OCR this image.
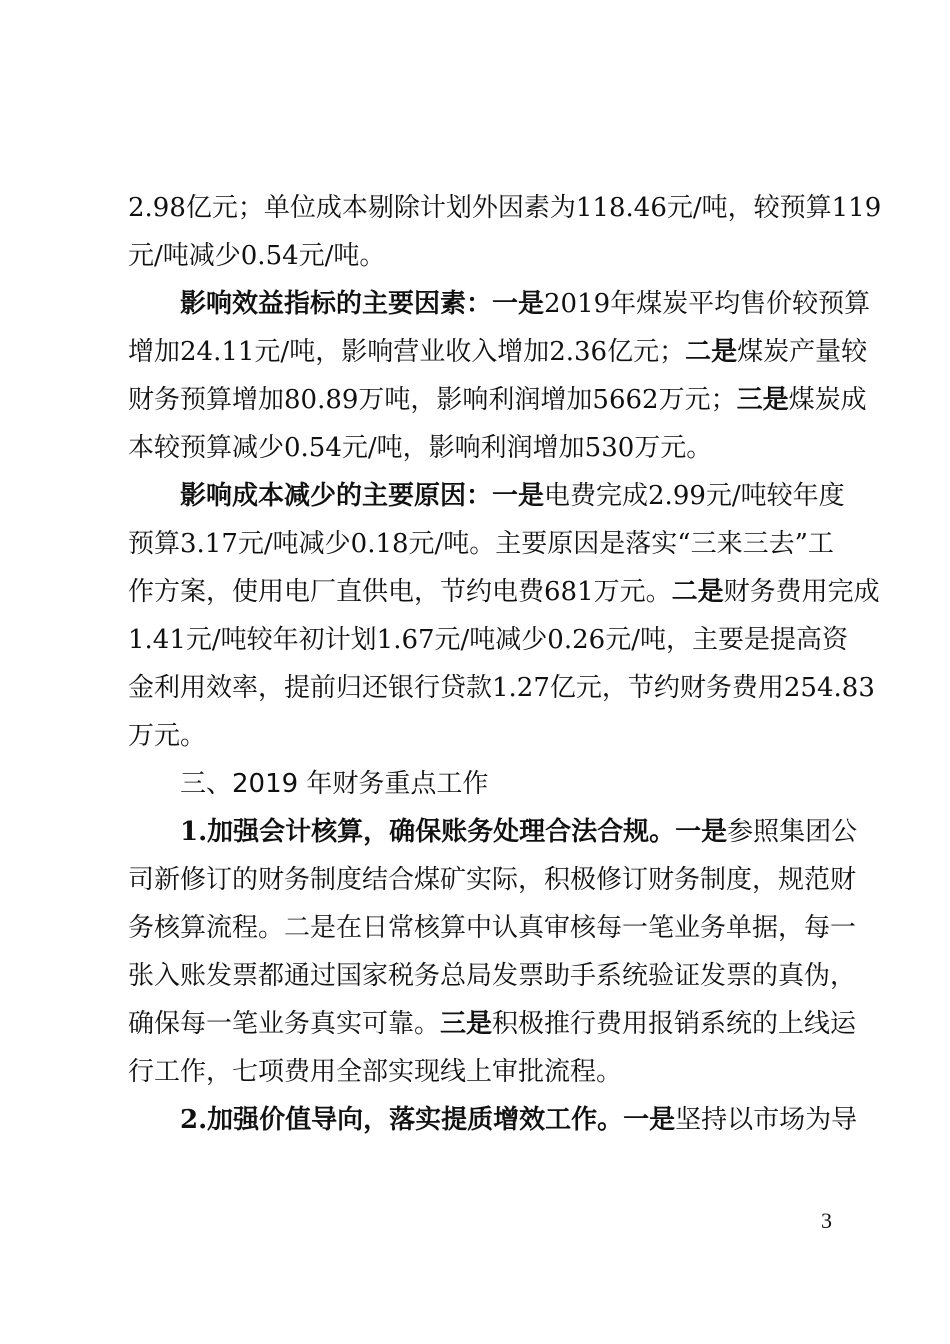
2.98亿元；单位成本剔除计划外因素为118.46元/吨，较预算119
元/吨减少0.54元/吨。
影响效益指标的主要因素：一是2019年煤炭平均售价较预算
增加24.11元/吨，影响营业收入增加2.36亿元；二是煤炭产量较
财务预算增加80.89万吨，影响利润增加5662万元；三是煤炭成
本较预算减少0.54元/吨，影响利润增加530万元。
影响成本减少的主要原因：一是电费完成2.99元/吨较年度
预算3.17元/吨减少0.18元/吨。主要原因是落实“三来三去”工
作方案，使用电厂直供电，节约电费681万元。二是财务费用完成
1.41元/吨较年初计划1.67元/吨减少0.26元/吨，主要是提高资
金利用效率，提前归还银行贷款1.27亿元，节约财务费用254.83
万元。
三、2019 年财务重点工作
1.加强会计核算，确保账务处理合法合规。一是参照集团公
司新修订的财务制度结合煤矿实际，积极修订财务制度，规范财
务核算流程。二是在日常核算中认真审核每一笔业务单据，每一
张入账发票都通过国家税务总局发票助手系统验证发票的真伪，
确保每一笔业务真实可靠。三是积极推行费用报销系统的上线运
行工作，七项费用全部实现线上审批流程。
2.加强价值导向，落实提质增效工作。一是坚持以市场为导
3
